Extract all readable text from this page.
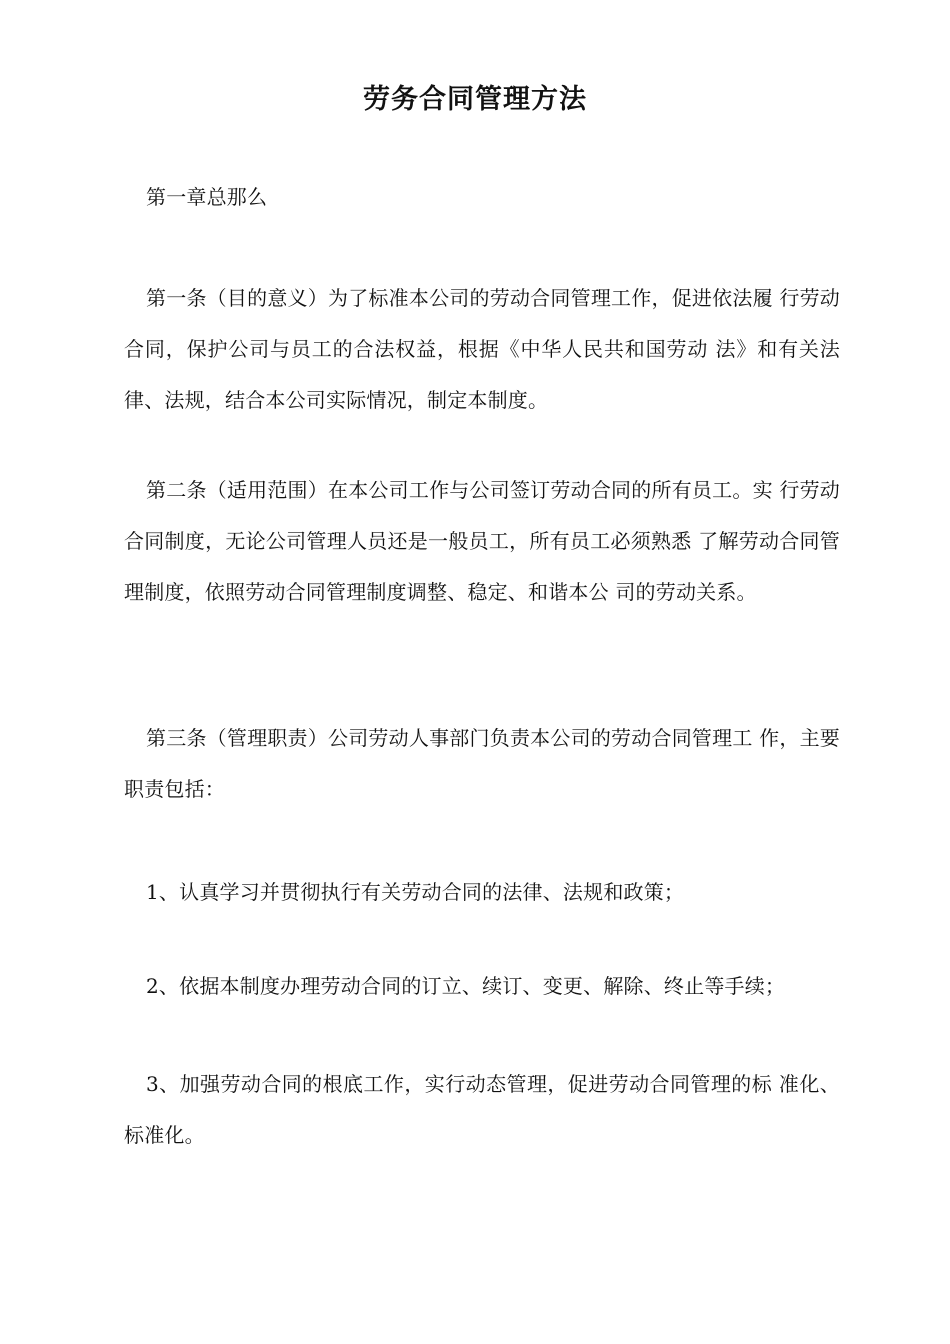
劳务合同管理方法

第一章总那么

第一条（目的意义）为了标准本公司的劳动合同管理工作，促进依法履 行劳动合同，保护公司与员工的合法权益，根据《中华人民共和国劳动 法》和有关法律、法规，结合本公司实际情况，制定本制度。

第二条（适用范围）在本公司工作与公司签订劳动合同的所有员工。实 行劳动合同制度，无论公司管理人员还是一般员工，所有员工必须熟悉 了解劳动合同管理制度，依照劳动合同管理制度调整、稳定、和谐本公 司的劳动关系。

第三条（管理职责）公司劳动人事部门负责本公司的劳动合同管理工 作，主要职责包括：

1、认真学习并贯彻执行有关劳动合同的法律、法规和政策；

2、依据本制度办理劳动合同的订立、续订、变更、解除、终止等手续；

3、加强劳动合同的根底工作，实行动态管理，促进劳动合同管理的标 准化、标准化。
